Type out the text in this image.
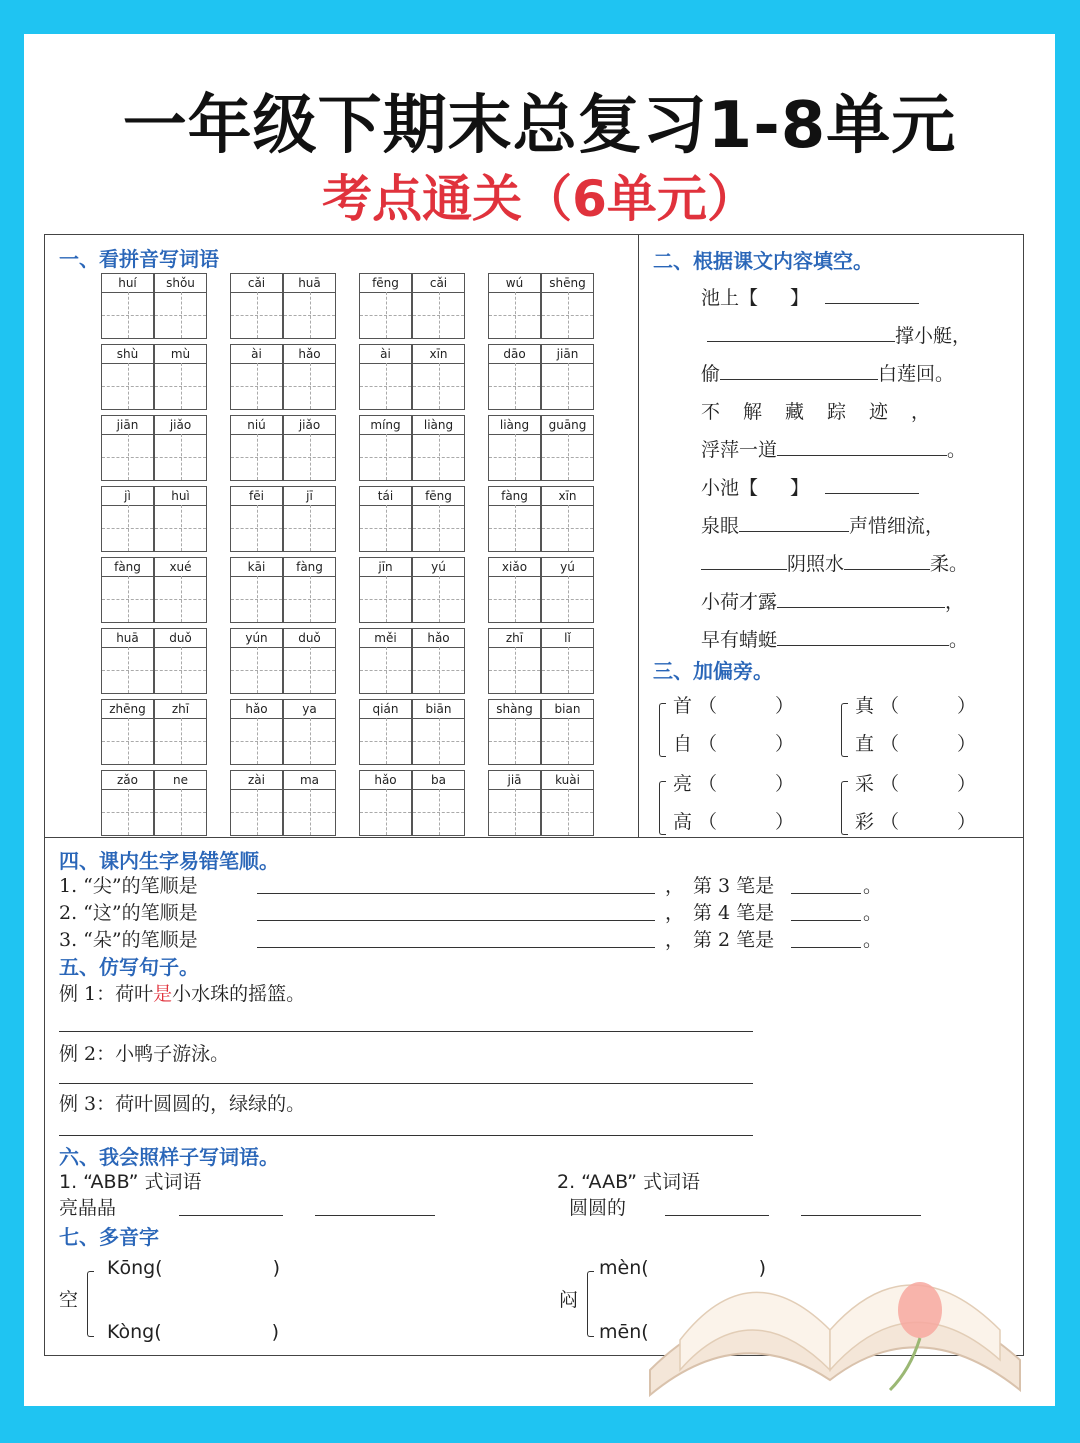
一年级下期末总复习1-8单元
考点通关（6单元）
一、看拼音写词语
huí	shǒu	cǎi	huā	fēng	cǎi	wú	shēng
shù	mù	ài	hǎo	ài	xīn	dāo	jiān
jiān	jiǎo	niú	jiǎo	míng	liàng	liàng	guāng
jì	huì	fēi	jī	tái	fēng	fàng	xīn
fàng	xué	kāi	fàng	jīn	yú	xiǎo	yú
huā	duǒ	yún	duǒ	měi	hǎo	zhī	lǐ
zhēng	zhī	hǎo	ya	qián	biān	shàng	bian
zǎo	ne	zài	ma	hǎo	ba	jiā	kuài
二、根据课文内容填空。
池上【 】
撑小艇，
偷	白莲回。
不　解　藏　踪　迹　，
浮萍一道	。
小池【 】
泉眼	声惜细流，
阴照水	柔。
小荷才露	，
早有蜻蜓	。
三、加偏旁。
首 （	）
自 （	）
真 （	）
直 （	）
亮 （	）
高 （	）
采 （	）
彩 （	）
四、课内生字易错笔顺。
1. “尖”的笔顺是	， 第 3 笔是	。
2. “这”的笔顺是	， 第 4 笔是	。
3. “朵”的笔顺是	， 第 2 笔是	。
五、仿写句子。
例 1：荷叶是小水珠的摇篮。
例 2：小鸭子游泳。
例 3：荷叶圆圆的，绿绿的。
六、我会照样子写词语。
1. “ABB” 式词语
亮晶晶
2. “AAB” 式词语
圆圆的
七、多音字
空
Kōng(	)
Kòng(	)
闷
mèn(	)
mēn(
